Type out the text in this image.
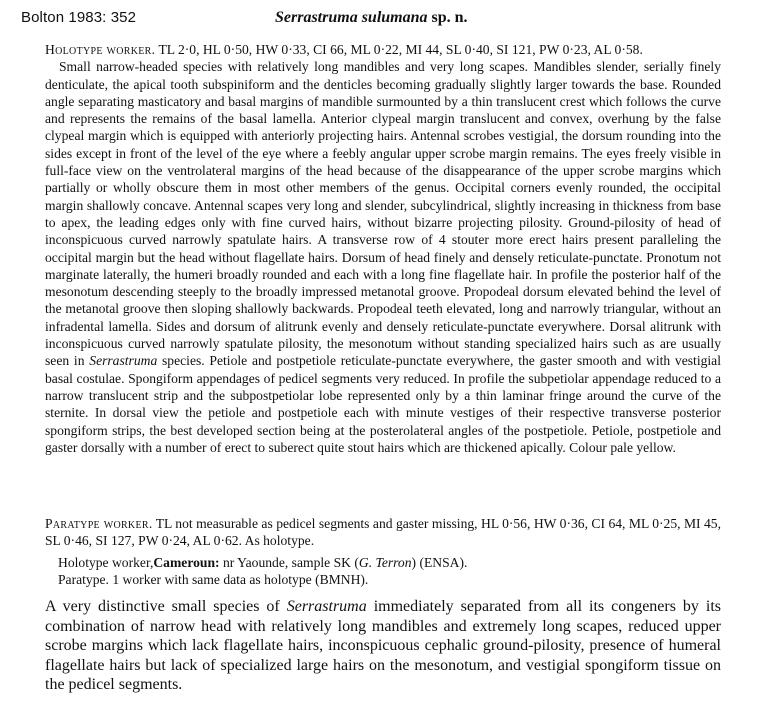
Bolton 1983: 352	Serrastruma sulumana sp. n.
Holotype worker. TL 2·0, HL 0·50, HW 0·33, CI 66, ML 0·22, MI 44, SL 0·40, SI 121, PW 0·23, AL 0·58.
Small narrow-headed species with relatively long mandibles and very long scapes. Mandibles slender, serially finely denticulate, the apical tooth subspiniform and the denticles becoming gradually slightly larger towards the base. Rounded angle separating masticatory and basal margins of mandible surmounted by a thin translucent crest which follows the curve and represents the remains of the basal lamella. Anterior clypeal margin translucent and convex, overhung by the false clypeal margin which is equipped with anteriorly projecting hairs. Antennal scrobes vestigial, the dorsum rounding into the sides except in front of the level of the eye where a feebly angular upper scrobe margin remains. The eyes freely visible in full-face view on the ventrolateral margins of the head because of the disappearance of the upper scrobe margins which partially or wholly obscure them in most other members of the genus. Occipital corners evenly rounded, the occipital margin shallowly concave. Antennal scapes very long and slender, subcylindrical, slightly increasing in thickness from base to apex, the leading edges only with fine curved hairs, without bizarre projecting pilosity. Ground-pilosity of head of inconspicuous curved narrowly spatulate hairs. A transverse row of 4 stouter more erect hairs present paralleling the occipital margin but the head without flagellate hairs. Dorsum of head finely and densely reticulate-punctate. Pronotum not marginate laterally, the humeri broadly rounded and each with a long fine flagellate hair. In profile the posterior half of the mesonotum descending steeply to the broadly impressed metanotal groove. Propodeal dorsum elevated behind the level of the metanotal groove then sloping shallowly backwards. Propodeal teeth elevated, long and narrowly triangular, without an infradental lamella. Sides and dorsum of alitrunk evenly and densely reticulate-punctate everywhere. Dorsal alitrunk with inconspicuous curved narrowly spatulate pilosity, the mesonotum without standing specialized hairs such as are usually seen in Serrastruma species. Petiole and postpetiole reticulate-punctate everywhere, the gaster smooth and with vestigial basal costulae. Spongiform appendages of pedicel segments very reduced. In profile the subpetiolar appendage reduced to a narrow translucent strip and the subpostpetiolar lobe represented only by a thin laminar fringe around the curve of the sternite. In dorsal view the petiole and postpetiole each with minute vestiges of their respective transverse posterior spongiform strips, the best developed section being at the posterolateral angles of the postpetiole. Petiole, postpetiole and gaster dorsally with a number of erect to suberect quite stout hairs which are thickened apically. Colour pale yellow.
Paratype worker. TL not measurable as pedicel segments and gaster missing, HL 0·56, HW 0·36, CI 64, ML 0·25, MI 45, SL 0·46, SI 127, PW 0·24, AL 0·62. As holotype.

Holotype worker,Cameroun: nr Yaounde, sample SK (G. Terron) (ENSA).

Paratype. 1 worker with same data as holotype (BMNH).

A very distinctive small species of Serrastruma immediately separated from all its congeners by its combination of narrow head with relatively long mandibles and extremely long scapes, reduced upper scrobe margins which lack flagellate hairs, inconspicuous cephalic ground-pilosity, presence of humeral flagellate hairs but lack of specialized large hairs on the mesonotum, and vestigial spongiform tissue on the pedicel segments.
